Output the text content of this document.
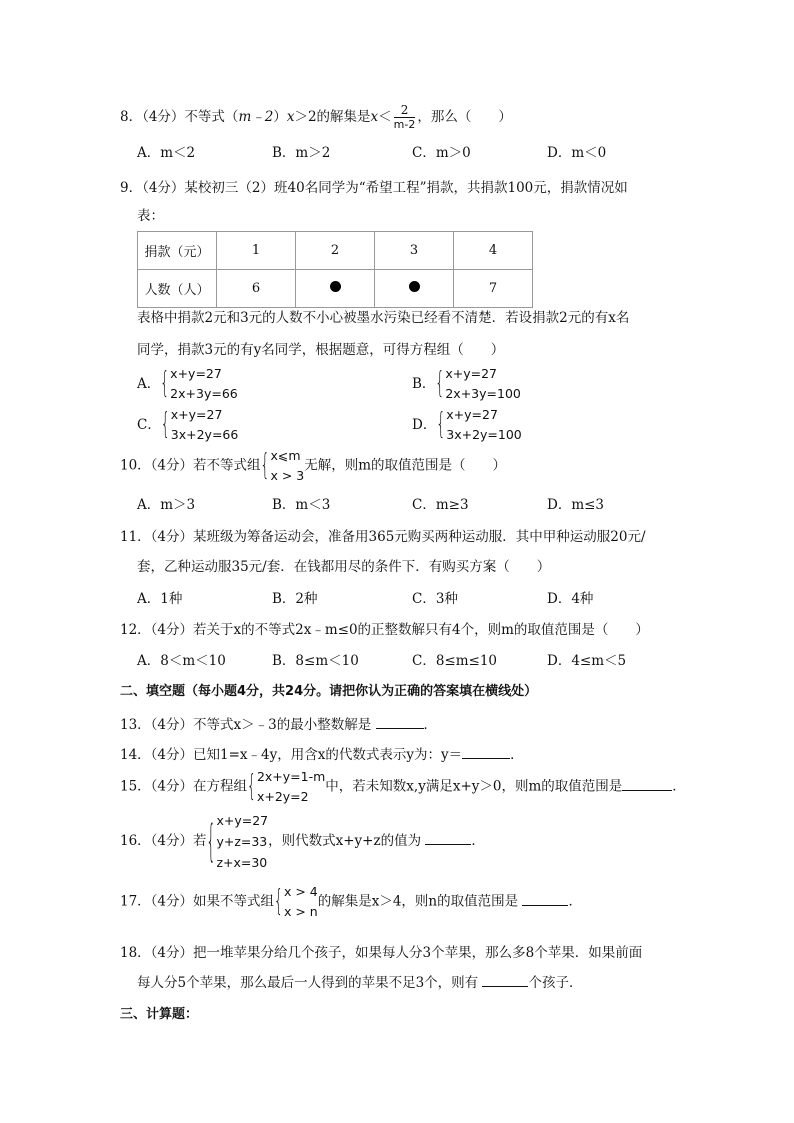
8．（4分）不等式（m﹣2）x＞2的解集是$x< \frac{2}{m-2}$ ，那么（　　）
A．m＜2	B．m＞2	C．m＞0	D．m＜0
9．（4分）某校初三（2）班40名同学为“希望工程”捐款，共捐款100元，捐款情况如
表：
捐款（元）	1	2	3	4
人数（人）	6			7
表格中捐款2元和3元的人数不小心被墨水污染已经看不清楚．若设捐款2元的有x名
同学，捐款3元的有y名同学，根据题意，可得方程组（　　）
A． { x+y=27
2x+3y=66
B． { x+y=27
2x+3y=100
C． { x+y=27
3x+2y=66
D． { x+y=27
3x+2y=100
10．（4分）若不等式组 { x⩽m
x > 3
无解，则m的取值范围是（　　）
A．m＞3	B．m＜3	C．m≥3	D．m≤3
11．（4分）某班级为筹备运动会，准备用365元购买两种运动服．其中甲种运动服20元/
套，乙种运动服35元/套．在钱都用尽的条件下．有购买方案（　　）
A．1种	B．2种	C．3种	D．4种
12．（4分）若关于x的不等式2x﹣m≤0的正整数解只有4个，则m的取值范围是（　　）
A．8＜m＜10	B．8≤m＜10	C．8≤m≤10	D．4≤m＜5
二、填空题（每小题4分，共24分。请把你认为正确的答案填在横线处）
13．（4分）不等式x＞﹣3的最小整数解是	．
14．（4分）已知1=x﹣4y，用含x的代数式表示y为：y＝	．
15．（4分）在方程组 { 2x+y=1-m
x+2y=2
中，若未知数x,y满足x+y＞0，则m的取值范围是	．
16．（4分）若 { x+y=27
y+z=33
z+x=30
，则代数式x+y+z的值为	．
17．（4分）如果不等式组 { x > 4
x > n
的解集是x＞4，则n的取值范围是	．
18．（4分）把一堆苹果分给几个孩子，如果每人分3个苹果，那么多8个苹果．如果前面
每人分5个苹果，那么最后一人得到的苹果不足3个，则有	个孩子．
三、计算题：
